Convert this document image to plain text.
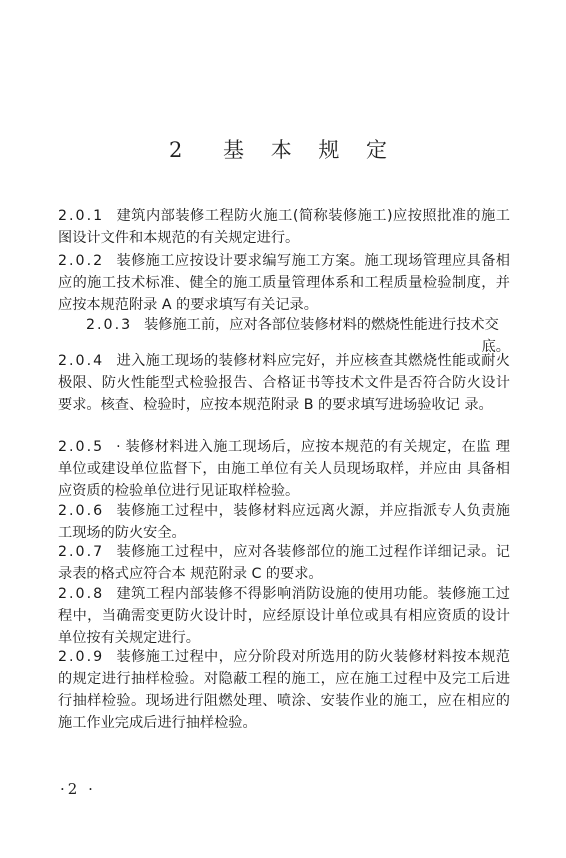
2 基 本 规 定
2.0.1 建筑内部装修工程防火施工(简称装修施工)应按照批准的施工图设计文件和本规范的有关规定进行。
2.0.2 装修施工应按设计要求编写施工方案。施工现场管理应具备相应的施工技术标准、健全的施工质量管理体系和工程质量检验制度，并应按本规范附录 A 的要求填写有关记录。
2.0.3 装修施工前，应对各部位装修材料的燃烧性能进行技术交
底。
2.0.4 进入施工现场的装修材料应完好，并应核查其燃烧性能或耐火极限、防火性能型式检验报告、合格证书等技术文件是否符合防火设计要求。核查、检验时，应按本规范附录 B 的要求填写进场验收记 录。
2.0.5 · 装修材料进入施工现场后，应按本规范的有关规定，在监 理单位或建设单位监督下，由施工单位有关人员现场取样，并应由 具备相应资质的检验单位进行见证取样检验。
2.0.6 装修施工过程中，装修材料应远离火源，并应指派专人负责施工现场的防火安全。
2.0.7 装修施工过程中，应对各装修部位的施工过程作详细记录。记录表的格式应符合本 规范附录 C 的要求。
2.0.8 建筑工程内部装修不得影响消防设施的使用功能。装修施工过程中，当确需变更防火设计时，应经原设计单位或具有相应资质的设计单位按有关规定进行。
2.0.9 装修施工过程中，应分阶段对所选用的防火装修材料按本规范的规定进行抽样检验。对隐蔽工程的施工，应在施工过程中及完工后进行抽样检验。现场进行阻燃处理、喷涂、安装作业的施工，应在相应的施工作业完成后进行抽样检验。
·2 ·
